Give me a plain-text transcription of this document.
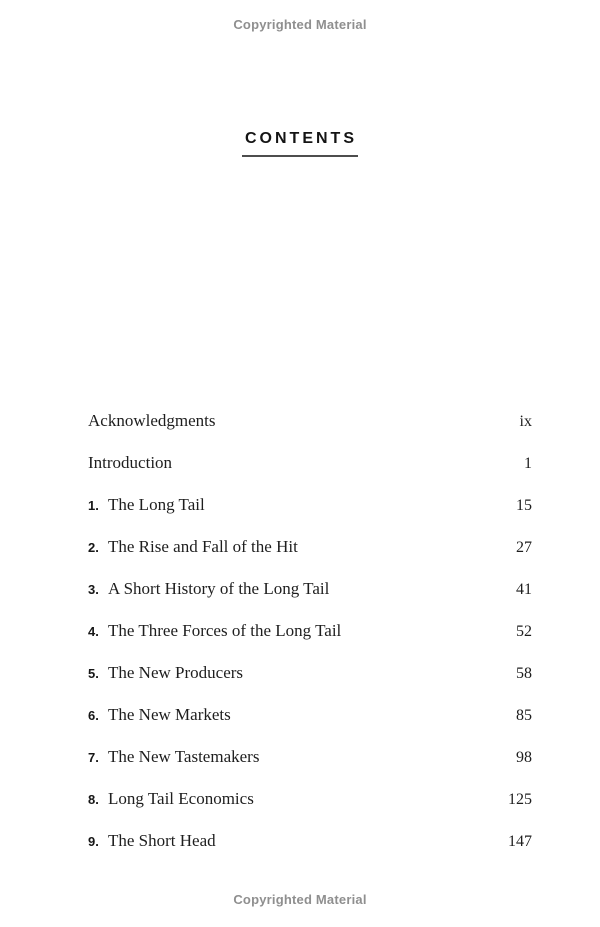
Copyrighted Material
CONTENTS
Acknowledgments	ix
Introduction	1
1. The Long Tail	15
2. The Rise and Fall of the Hit	27
3. A Short History of the Long Tail	41
4. The Three Forces of the Long Tail	52
5. The New Producers	58
6. The New Markets	85
7. The New Tastemakers	98
8. Long Tail Economics	125
9. The Short Head	147
Copyrighted Material
